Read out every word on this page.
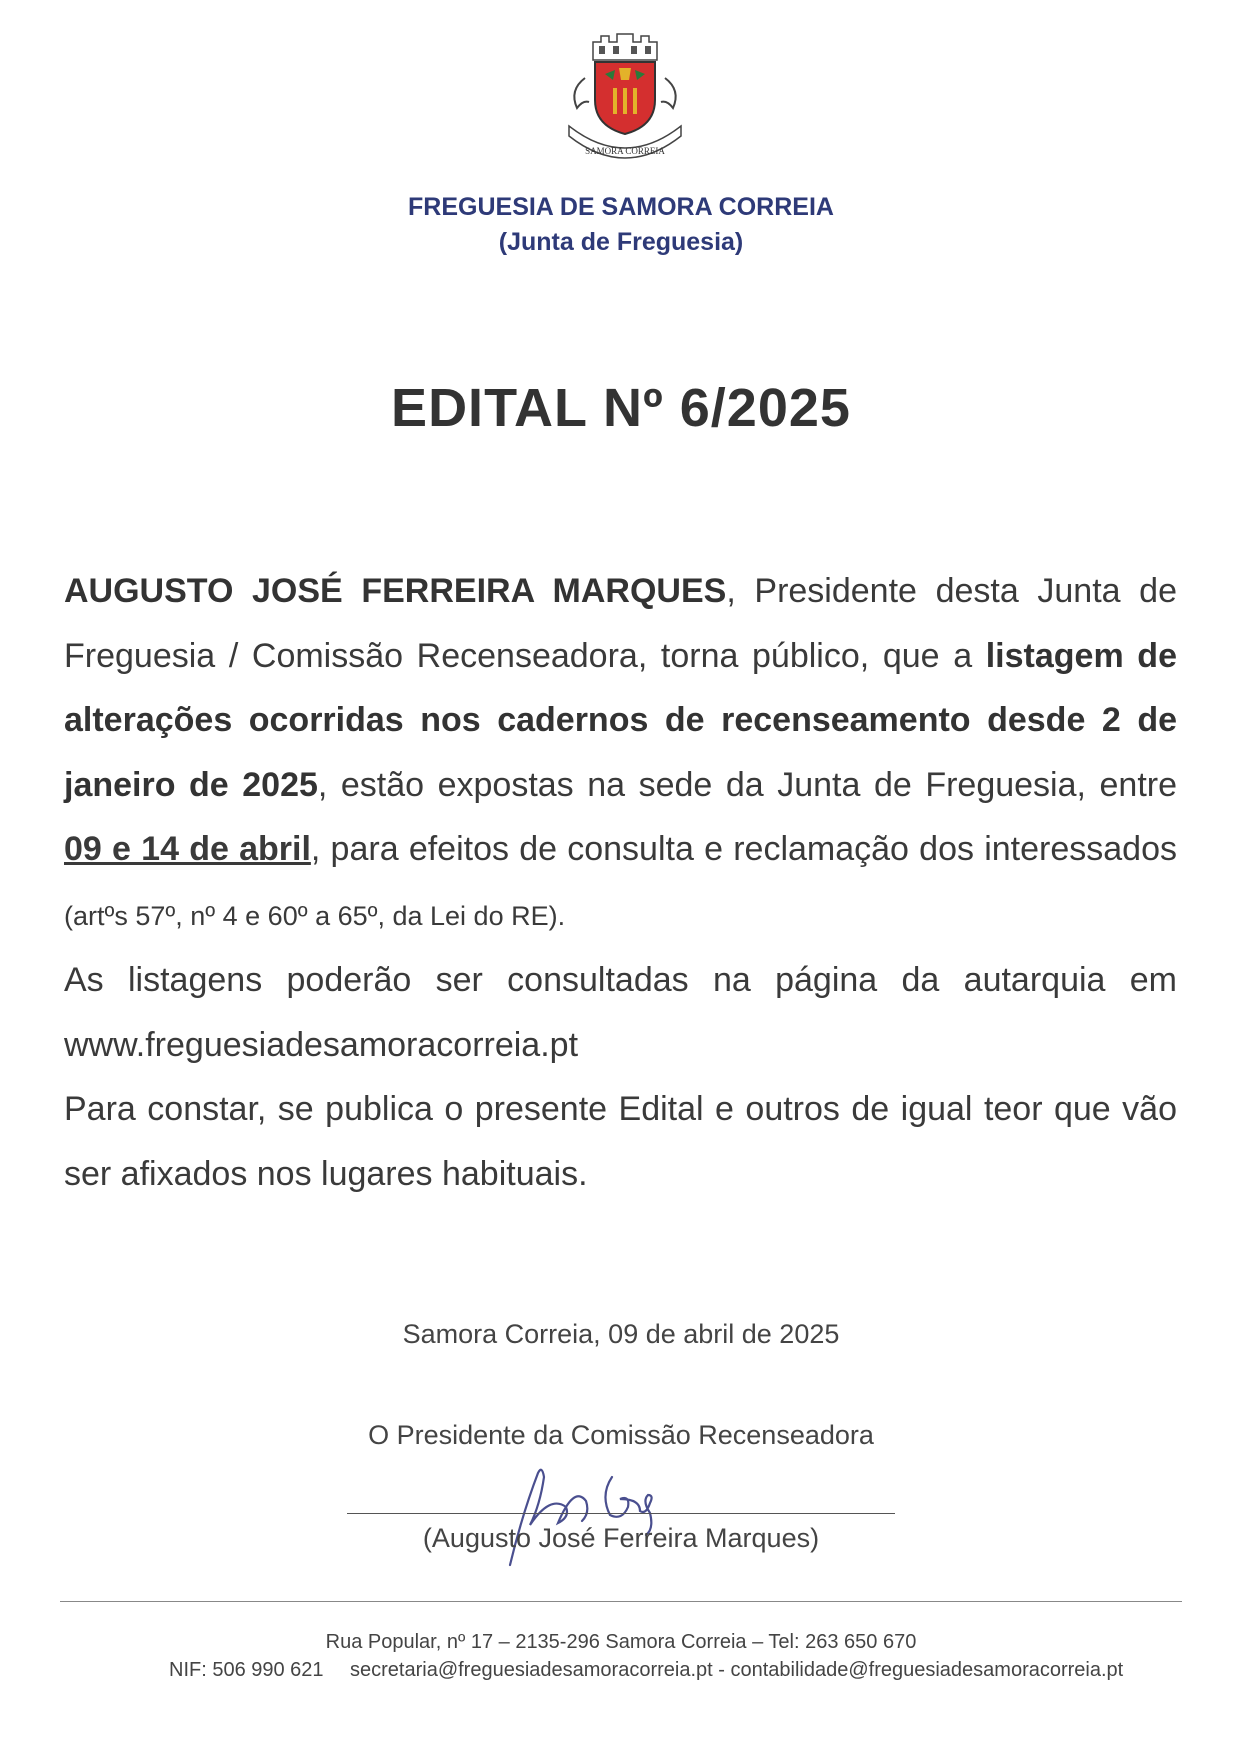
SAMORA CORREIA
FREGUESIA DE SAMORA CORREIA
(Junta de Freguesia)
EDITAL Nº 6/2025

AUGUSTO JOSÉ FERREIRA MARQUES, Presidente desta Junta de Freguesia / Comissão Recenseadora, torna público, que a listagem de alterações ocorridas nos cadernos de recenseamento desde 2 de janeiro de 2025, estão expostas na sede da Junta de Freguesia, entre 09 e 14 de abril, para efeitos de consulta e reclamação dos interessados (artºs 57º, nº 4 e 60º a 65º, da Lei do RE).

As listagens poderão ser consultadas na página da autarquia em www.freguesiadesamoracorreia.pt

Para constar, se publica o presente Edital e outros de igual teor que vão ser afixados nos lugares habituais.

Samora Correia, 09 de abril de 2025
O Presidente da Comissão Recenseadora
(Augusto José Ferreira Marques)
Rua Popular, nº 17 – 2135-296 Samora Correia – Tel: 263 650 670
NIF: 506 990 621 secretaria@freguesiadesamoracorreia.pt - contabilidade@freguesiadesamoracorreia.pt
